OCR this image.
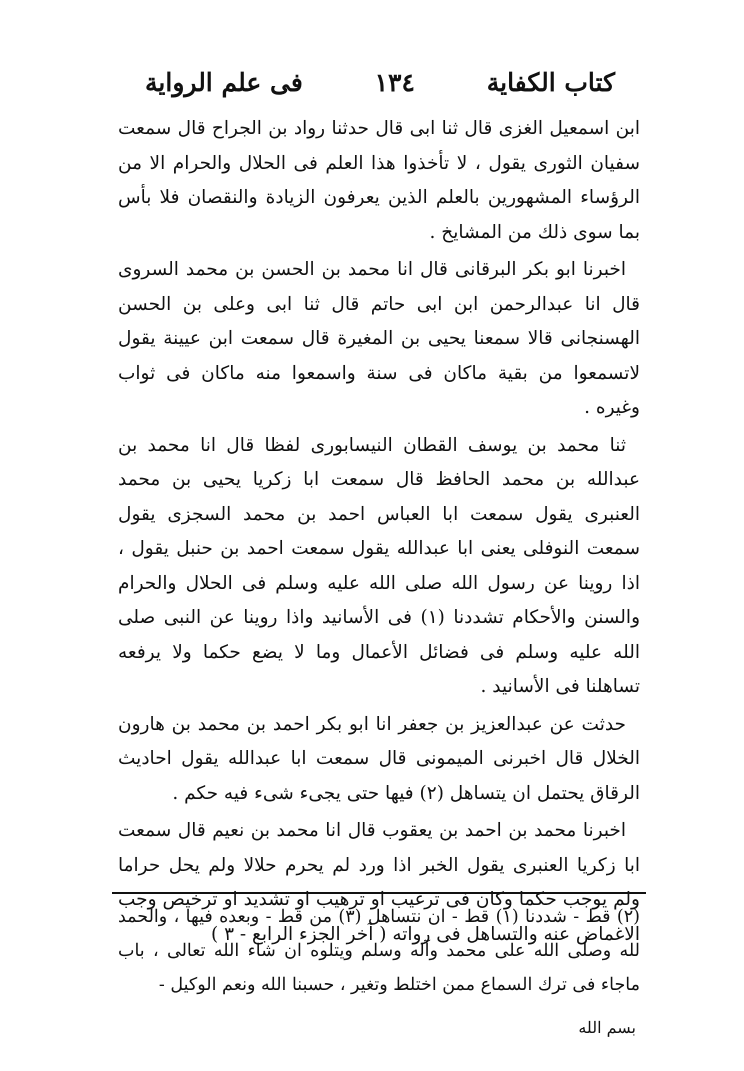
كتاب الكفاية
١٣٤
فى علم الرواية

ابن اسمعيل الغزى قال ثنا ابى قال حدثنا رواد بن الجراح قال سمعت سفيان الثورى يقول ، لا تأخذوا هذا العلم فى الحلال والحرام الا من الرؤساء المشهورين بالعلم الذين يعرفون الزيادة والنقصان فلا بأس بما سوى ذلك من المشايخ .

اخبرنا ابو بكر البرقانى قال انا محمد بن الحسن بن محمد السروى قال انا عبدالرحمن ابن ابى حاتم قال ثنا ابى وعلى بن الحسن الهسنجانى قالا سمعنا يحيى بن المغيرة قال سمعت ابن عيينة يقول لاتسمعوا من بقية ماكان فى سنة واسمعوا منه ماكان فى ثواب وغيره .

ثنا محمد بن يوسف القطان النيسابورى لفظا قال انا محمد بن عبدالله بن محمد الحافظ قال سمعت ابا زكريا يحيى بن محمد العنبرى يقول سمعت ابا العباس احمد بن محمد السجزى يقول سمعت النوفلى يعنى ابا عبدالله يقول سمعت احمد بن حنبل يقول ، اذا روينا عن رسول الله صلى الله عليه وسلم فى الحلال والحرام والسنن والأحكام تشددنا (١) فى الأسانيد واذا روينا عن النبى صلى الله عليه وسلم فى فضائل الأعمال وما لا يضع حكما ولا يرفعه تساهلنا فى الأسانيد .

حدثت عن عبدالعزيز بن جعفر انا ابو بكر احمد بن محمد بن هارون الخلال قال اخبرنى الميمونى قال سمعت ابا عبدالله يقول احاديث الرقاق يحتمل ان يتساهل (٢) فيها حتى يجىء شىء فيه حكم .

اخبرنا محمد بن احمد بن يعقوب قال انا محمد بن نعيم قال سمعت ابا زكريا العنبرى يقول الخبر اذا ورد لم يحرم حلالا ولم يحل حراما ولم يوجب حكما وكان فى ترغيب او ترهيب او تشديد او ترخيص وجب الاغماض عنه والتساهل فى رواته ( آخر الجزء الرابع - ٣ )

(٢) قط - شددنا (١) قط - ان نتساهل (٣) من قط - وبعده فيها ، والحمد لله وصلى الله على محمد وآله وسلم ويتلوه ان شاء الله تعالى ، باب ماجاء فى ترك السماع ممن اختلط وتغير ، حسبنا الله ونعم الوكيل -

بسم الله
